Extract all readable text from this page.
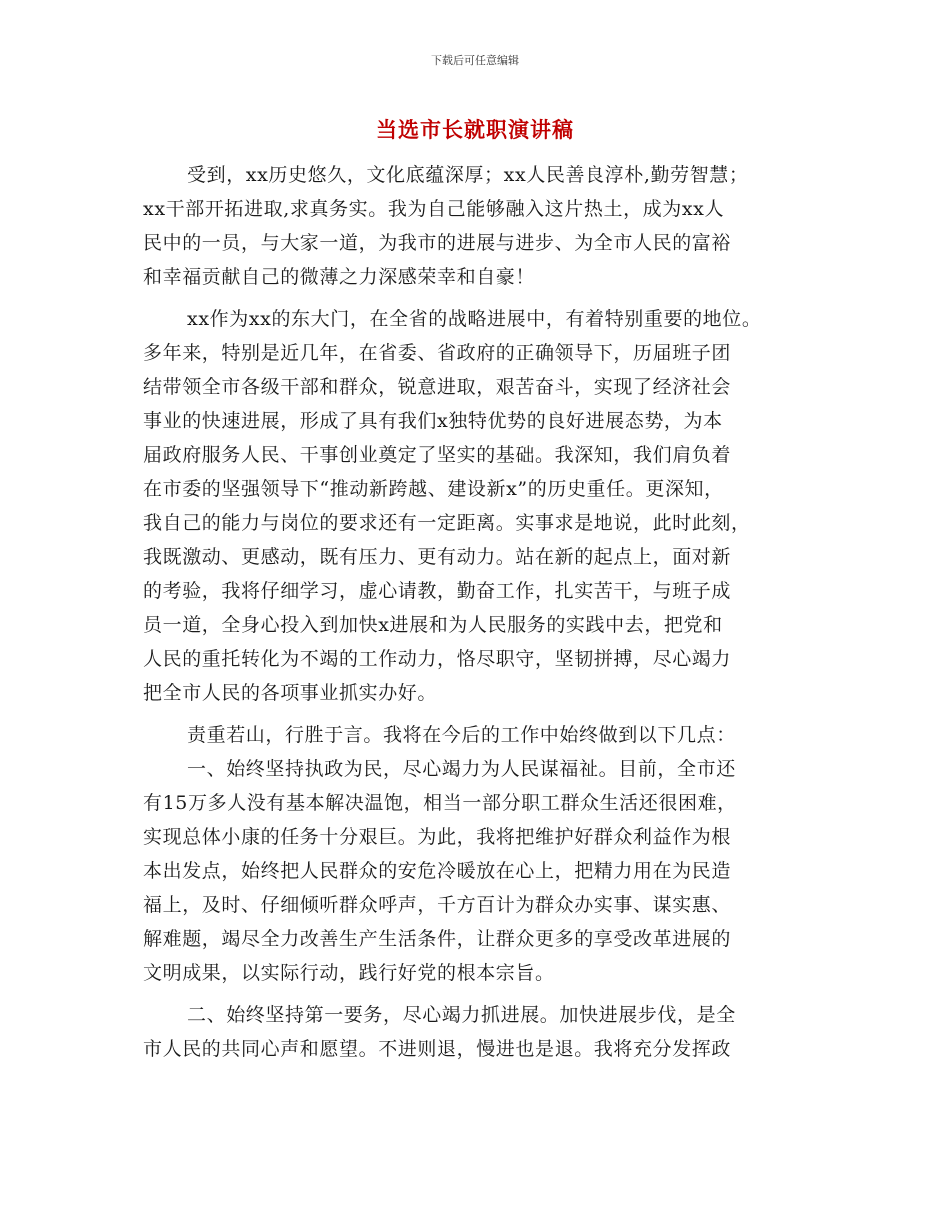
下载后可任意编辑
当选市长就职演讲稿
受到，xx历史悠久，文化底蕴深厚；xx人民善良淳朴,勤劳智慧；
xx干部开拓进取,求真务实。我为自己能够融入这片热土，成为xx人
民中的一员，与大家一道，为我市的进展与进步、为全市人民的富裕
和幸福贡献自己的微薄之力深感荣幸和自豪！
xx作为xx的东大门，在全省的战略进展中，有着特别重要的地位。
多年来，特别是近几年，在省委、省政府的正确领导下，历届班子团
结带领全市各级干部和群众，锐意进取，艰苦奋斗，实现了经济社会
事业的快速进展，形成了具有我们x独特优势的良好进展态势，为本
届政府服务人民、干事创业奠定了坚实的基础。我深知，我们肩负着
在市委的坚强领导下“推动新跨越、建设新x”的历史重任。更深知，
我自己的能力与岗位的要求还有一定距离。实事求是地说，此时此刻，
我既激动、更感动，既有压力、更有动力。站在新的起点上，面对新
的考验，我将仔细学习，虚心请教，勤奋工作，扎实苦干，与班子成
员一道，全身心投入到加快x进展和为人民服务的实践中去，把党和
人民的重托转化为不竭的工作动力，恪尽职守，坚韧拼搏，尽心竭力
把全市人民的各项事业抓实办好。
责重若山，行胜于言。我将在今后的工作中始终做到以下几点：
一、始终坚持执政为民，尽心竭力为人民谋福祉。目前，全市还
有15万多人没有基本解决温饱，相当一部分职工群众生活还很困难，
实现总体小康的任务十分艰巨。为此，我将把维护好群众利益作为根
本出发点，始终把人民群众的安危冷暖放在心上，把精力用在为民造
福上，及时、仔细倾听群众呼声，千方百计为群众办实事、谋实惠、
解难题，竭尽全力改善生产生活条件，让群众更多的享受改革进展的
文明成果，以实际行动，践行好党的根本宗旨。
二、始终坚持第一要务，尽心竭力抓进展。加快进展步伐，是全
市人民的共同心声和愿望。不进则退，慢进也是退。我将充分发挥政
